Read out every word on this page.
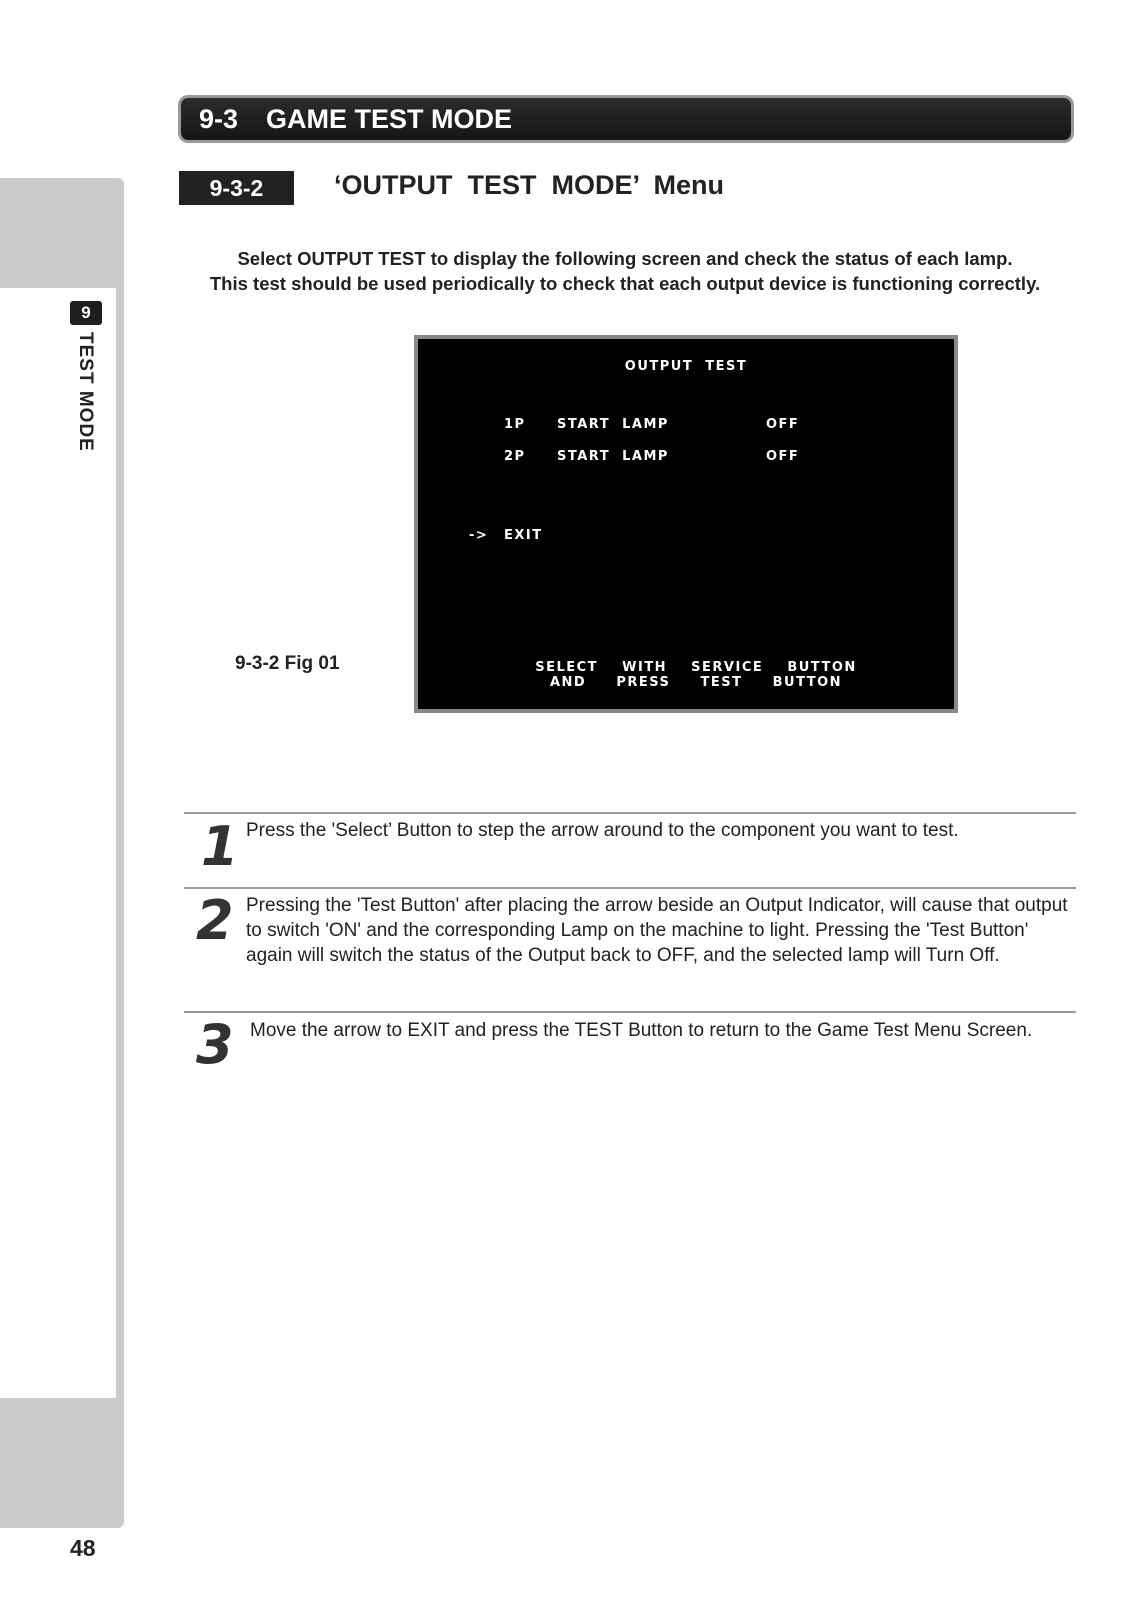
9
TEST MODE
48
9-3 GAME TEST MODE
9-3-2	‘OUTPUT  TEST  MODE’  Menu
Select OUTPUT TEST to display the following screen and check the status of each lamp.
This test should be used periodically to check that each output device is functioning correctly.
9-3-2 Fig 01
OUTPUT  TEST
1P START  LAMP	OFF
2P START  LAMP	OFF
-> EXIT
SELECT    WITH    SERVICE    BUTTON
AND     PRESS     TEST     BUTTON
1 Press the 'Select’ Button to step the arrow around to the component you want to test.
2 Pressing the 'Test Button' after placing the arrow beside an Output Indicator, will cause that output to switch 'ON' and the corresponding Lamp on the machine to light. Pressing the 'Test Button' again will switch the status of the Output back to OFF, and the selected lamp will Turn Off.
3 Move the arrow to EXIT and press the TEST Button to return to the Game Test Menu Screen.
